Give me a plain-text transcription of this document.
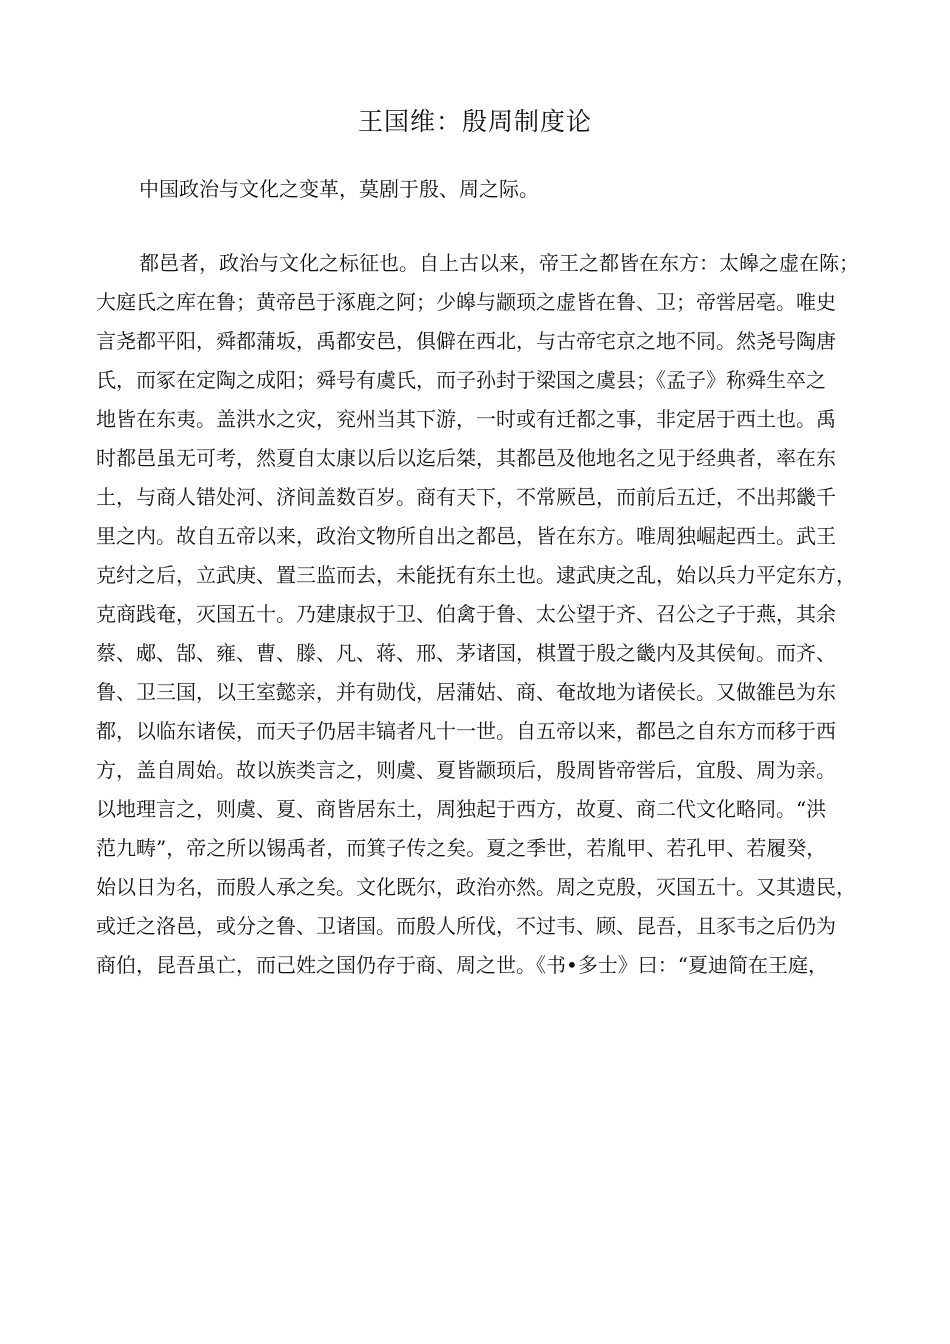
王国维：殷周制度论
中国政治与文化之变革，莫剧于殷、周之际。
都邑者，政治与文化之标征也。自上古以来，帝王之都皆在东方：太皞之虚在陈；
大庭氏之库在鲁；黄帝邑于涿鹿之阿；少皞与颛顼之虚皆在鲁、卫；帝喾居亳。唯史
言尧都平阳，舜都蒲坂，禹都安邑，俱僻在西北，与古帝宅京之地不同。然尧号陶唐
氏，而冢在定陶之成阳；舜号有虞氏，而子孙封于梁国之虞县；《孟子》称舜生卒之
地皆在东夷。盖洪水之灾，兖州当其下游，一时或有迁都之事，非定居于西土也。禹
时都邑虽无可考，然夏自太康以后以迄后桀，其都邑及他地名之见于经典者，率在东
土，与商人错处河、济间盖数百岁。商有天下，不常厥邑，而前后五迁，不出邦畿千
里之内。故自五帝以来，政治文物所自出之都邑，皆在东方。唯周独崛起西土。武王
克纣之后，立武庚、置三监而去，未能抚有东土也。逮武庚之乱，始以兵力平定东方，
克商践奄，灭国五十。乃建康叔于卫、伯禽于鲁、太公望于齐、召公之子于燕，其余
蔡、郕、郜、雍、曹、滕、凡、蒋、邢、茅诸国，棋置于殷之畿内及其侯甸。而齐、
鲁、卫三国，以王室懿亲，并有勋伐，居蒲姑、商、奄故地为诸侯长。又做雒邑为东
都，以临东诸侯，而天子仍居丰镐者凡十一世。自五帝以来，都邑之自东方而移于西
方，盖自周始。故以族类言之，则虞、夏皆颛顼后，殷周皆帝喾后，宜殷、周为亲。
以地理言之，则虞、夏、商皆居东土，周独起于西方，故夏、商二代文化略同。“洪
范九畴”，帝之所以锡禹者，而箕子传之矣。夏之季世，若胤甲、若孔甲、若履癸，
始以日为名，而殷人承之矣。文化既尔，政治亦然。周之克殷，灭国五十。又其遗民，
或迁之洛邑，或分之鲁、卫诸国。而殷人所伐，不过韦、顾、昆吾，且豕韦之后仍为
商伯，昆吾虽亡，而己姓之国仍存于商、周之世。《书•多士》曰：“夏迪简在王庭，
